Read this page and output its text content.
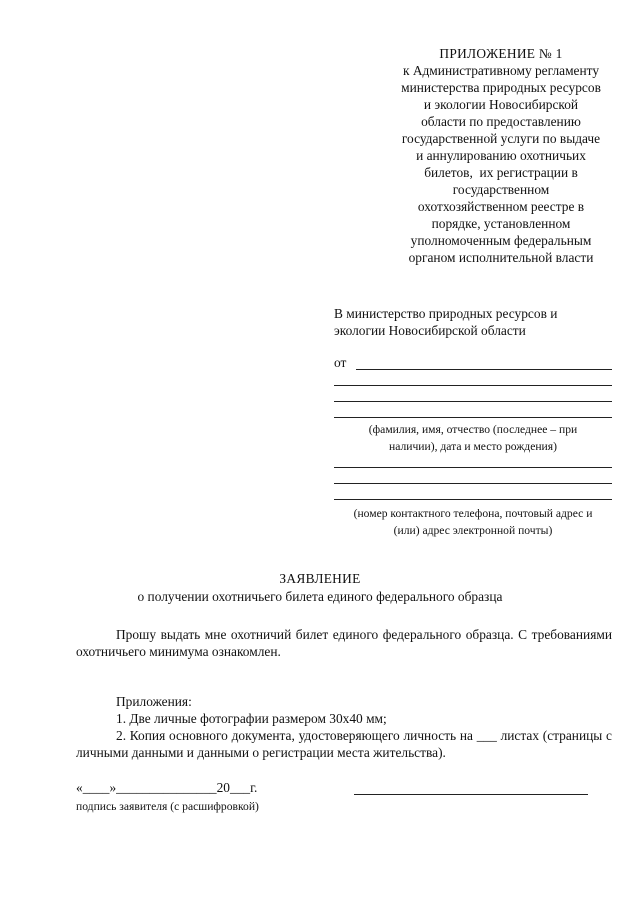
ПРИЛОЖЕНИЕ № 1
к Административному регламенту
министерства природных ресурсов
и экологии Новосибирской
области по предоставлению
государственной услуги по выдаче
и аннулированию охотничьих
билетов,  их регистрации в
государственном
охотхозяйственном реестре в
порядке, установленном
уполномоченным федеральным
органом исполнительной власти
В министерство природных ресурсов и
экологии Новосибирской области
от
(фамилия, имя, отчество (последнее – при
наличии), дата и место рождения)
(номер контактного телефона, почтовый адрес и
(или) адрес электронной почты)
ЗАЯВЛЕНИЕ
о получении охотничьего билета единого федерального образца

Прошу выдать мне охотничий билет единого федерального образца. С требованиями охотничьего минимума ознакомлен.

Приложения:

1. Две личные фотографии размером 30x40 мм;

2. Копия основного документа, удостоверяющего личность на ___ листах (страницы с личными данными и данными о регистрации места жительства).

«____»_______________20___г.
подпись заявителя (с расшифровкой)
